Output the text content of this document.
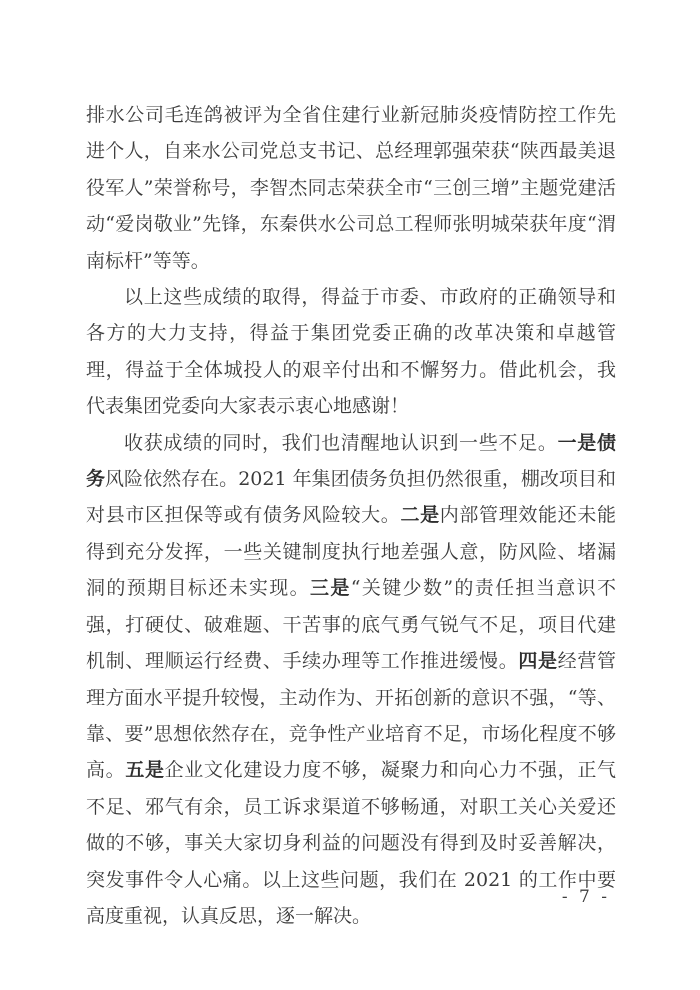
排水公司毛连鸽被评为全省住建行业新冠肺炎疫情防控工作先进个人，自来水公司党总支书记、总经理郭强荣获“陕西最美退役军人”荣誉称号，李智杰同志荣获全市“三创三增”主题党建活动“爱岗敬业”先锋，东秦供水公司总工程师张明城荣获年度“渭南标杆”等等。

以上这些成绩的取得，得益于市委、市政府的正确领导和各方的大力支持，得益于集团党委正确的改革决策和卓越管理，得益于全体城投人的艰辛付出和不懈努力。借此机会，我代表集团党委向大家表示衷心地感谢！

收获成绩的同时，我们也清醒地认识到一些不足。一是债务风险依然存在。2021 年集团债务负担仍然很重，棚改项目和对县市区担保等或有债务风险较大。二是内部管理效能还未能得到充分发挥，一些关键制度执行地差强人意，防风险、堵漏洞的预期目标还未实现。三是“关键少数”的责任担当意识不强，打硬仗、破难题、干苦事的底气勇气锐气不足，项目代建机制、理顺运行经费、手续办理等工作推进缓慢。四是经营管理方面水平提升较慢，主动作为、开拓创新的意识不强，“等、靠、要”思想依然存在，竞争性产业培育不足，市场化程度不够高。五是企业文化建设力度不够，凝聚力和向心力不强，正气不足、邪气有余，员工诉求渠道不够畅通，对职工关心关爱还做的不够，事关大家切身利益的问题没有得到及时妥善解决，突发事件令人心痛。以上这些问题，我们在 2021 的工作中要高度重视，认真反思，逐一解决。

- 7 -
